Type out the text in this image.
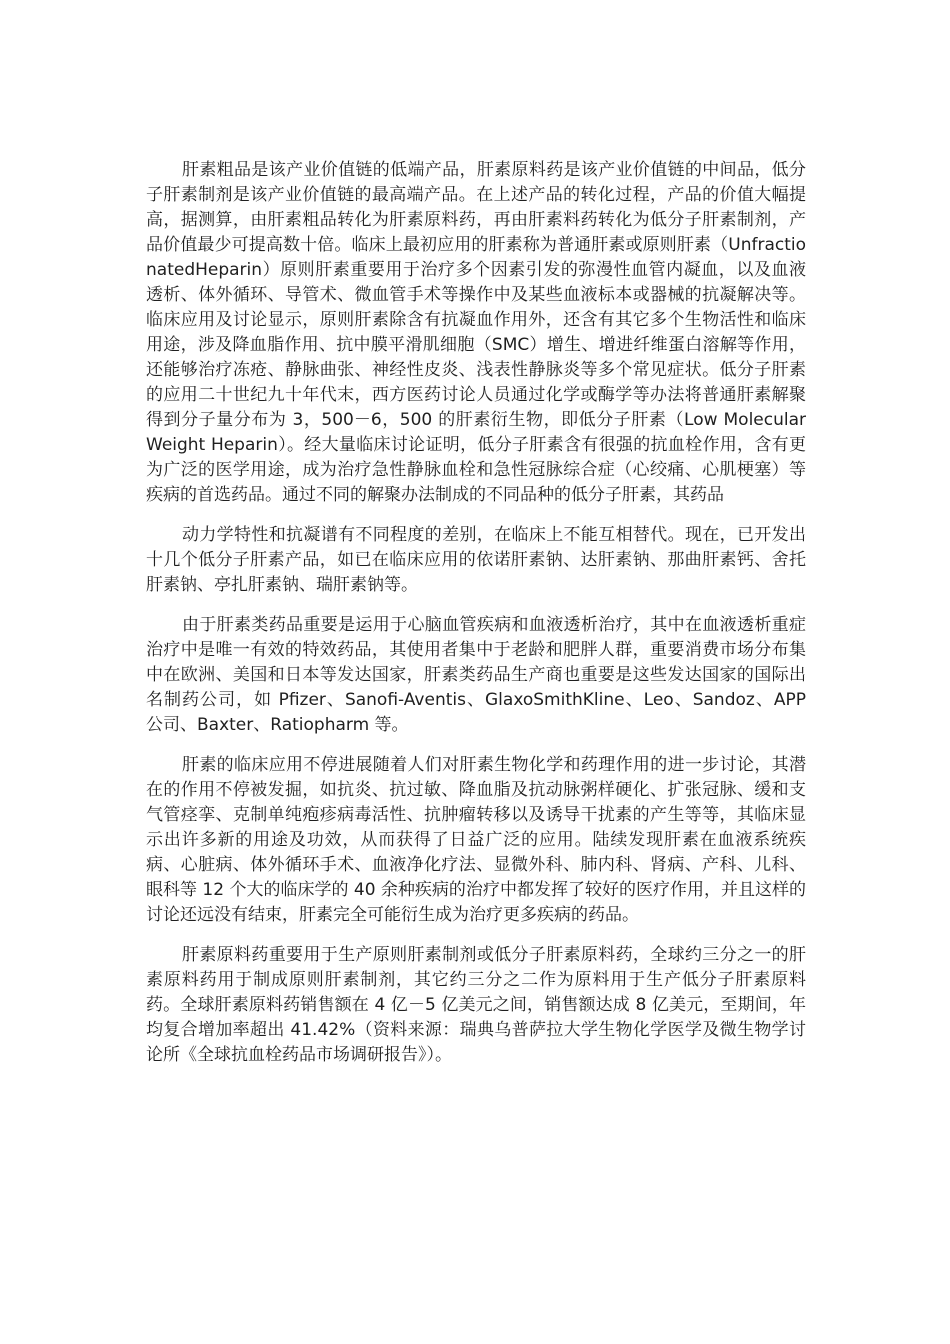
肝素粗品是该产业价值链的低端产品，肝素原料药是该产业价值链的中间品，低分子肝素制剂是该产业价值链的最高端产品。在上述产品的转化过程，产品的价值大幅提高，据测算，由肝素粗品转化为肝素原料药，再由肝素料药转化为低分子肝素制剂，产品价值最少可提高数十倍。临床上最初应用的肝素称为普通肝素或原则肝素（UnfractionatedHeparin）原则肝素重要用于治疗多个因素引发的弥漫性血管内凝血，以及血液透析、体外循环、导管术、微血管手术等操作中及某些血液标本或器械的抗凝解决等。临床应用及讨论显示，原则肝素除含有抗凝血作用外，还含有其它多个生物活性和临床用途，涉及降血脂作用、抗中膜平滑肌细胞（SMC）增生、增进纤维蛋白溶解等作用，还能够治疗冻疮、静脉曲张、神经性皮炎、浅表性静脉炎等多个常见症状。低分子肝素的应用二十世纪九十年代末，西方医药讨论人员通过化学或酶学等办法将普通肝素解聚得到分子量分布为 3，500－6，500 的肝素衍生物，即低分子肝素（Low Molecular Weight Heparin）。经大量临床讨论证明，低分子肝素含有很强的抗血栓作用，含有更为广泛的医学用途，成为治疗急性静脉血栓和急性冠脉综合症（心绞痛、心肌梗塞）等疾病的首选药品。通过不同的解聚办法制成的不同品种的低分子肝素，其药品

动力学特性和抗凝谱有不同程度的差别，在临床上不能互相替代。现在，已开发出十几个低分子肝素产品，如已在临床应用的依诺肝素钠、达肝素钠、那曲肝素钙、舍托肝素钠、亭扎肝素钠、瑞肝素钠等。

由于肝素类药品重要是运用于心脑血管疾病和血液透析治疗，其中在血液透析重症治疗中是唯一有效的特效药品，其使用者集中于老龄和肥胖人群，重要消费市场分布集中在欧洲、美国和日本等发达国家，肝素类药品生产商也重要是这些发达国家的国际出名制药公司，如 Pfizer、Sanofi-Aventis、GlaxoSmithKline、Leo、Sandoz、APP 公司、Baxter、Ratiopharm 等。

肝素的临床应用不停进展随着人们对肝素生物化学和药理作用的进一步讨论，其潜在的作用不停被发掘，如抗炎、抗过敏、降血脂及抗动脉粥样硬化、扩张冠脉、缓和支气管痉挛、克制单纯疱疹病毒活性、抗肿瘤转移以及诱导干扰素的产生等等，其临床显示出许多新的用途及功效，从而获得了日益广泛的应用。陆续发现肝素在血液系统疾病、心脏病、体外循环手术、血液净化疗法、显微外科、肺内科、肾病、产科、儿科、眼科等 12 个大的临床学的 40 余种疾病的治疗中都发挥了较好的医疗作用，并且这样的讨论还远没有结束，肝素完全可能衍生成为治疗更多疾病的药品。

肝素原料药重要用于生产原则肝素制剂或低分子肝素原料药，全球约三分之一的肝素原料药用于制成原则肝素制剂，其它约三分之二作为原料用于生产低分子肝素原料药。全球肝素原料药销售额在 4 亿－5 亿美元之间，销售额达成 8 亿美元，至期间，年均复合增加率超出 41.42%（资料来源：瑞典乌普萨拉大学生物化学医学及微生物学讨论所《全球抗血栓药品市场调研报告》）。
